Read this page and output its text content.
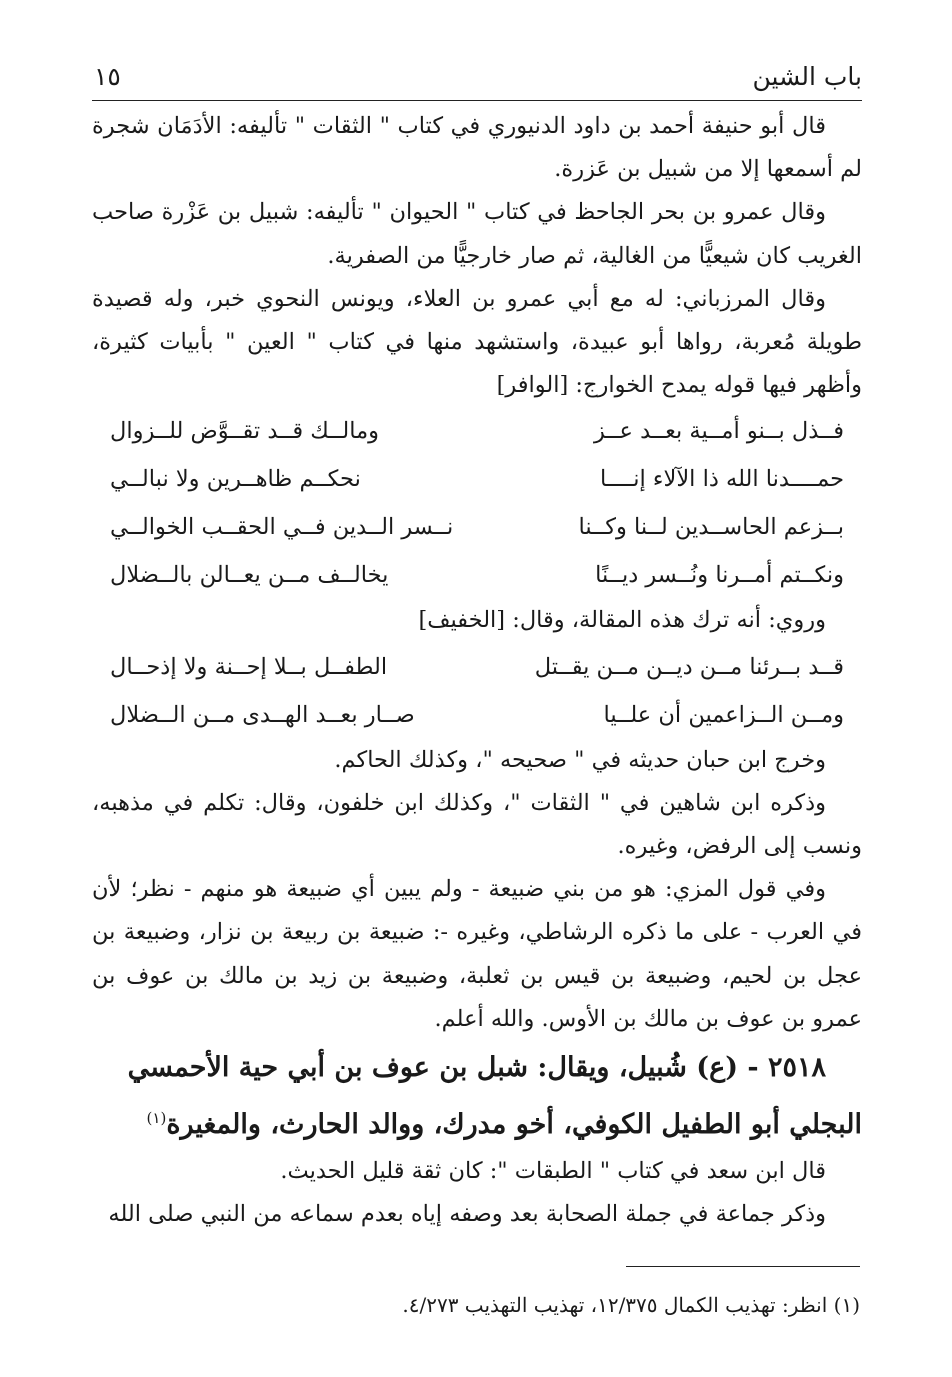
باب الشين
١٥

قال أبو حنيفة أحمد بن داود الدنيوري في كتاب " الثقات " تأليفه: الأدَمَان شجرة لم أسمعها إلا من شبيل بن عَزرة.

وقال عمرو بن بحر الجاحظ في كتاب " الحيوان " تأليفه: شبيل بن عَزْرة صاحب الغريب كان شيعيًّا من الغالية، ثم صار خارجيًّا من الصفرية.

وقال المرزباني: له مع أبي عمرو بن العلاء، ويونس النحوي خبر، وله قصيدة طويلة مُعربة، رواها أبو عبيدة، واستشهد منها في كتاب " العين " بأبيات كثيرة، وأظهر فيها قوله يمدح الخوارج: [الوافر]

فــذل بــنو أمــية بعــد عــز
ومالــك قــد تقــوَّض للــزوال
حمــــدنا الله ذا الآلاء إنــــا
نحكــم ظاهــرين ولا نبالــي
بــزعم الحاســدين لــنا وكــنا
نــسر الــدين فــي الحقــب الخوالــي
ونكــتم أمــرنا ونُــسر ديــنًا
يخالــف مــن يعــالن بالــضلال

وروي: أنه ترك هذه المقالة، وقال: [الخفيف]

قــد بــرئنا مــن ديــن مــن يقــتل
الطفــل بــلا إحــنة ولا إذحــال
ومــن الــزاعمين أن علــيا
صــار بعــد الهــدى مــن الــضلال

وخرج ابن حبان حديثه في " صحيحه "، وكذلك الحاكم.

وذكره ابن شاهين في " الثقات "، وكذلك ابن خلفون، وقال: تكلم في مذهبه، ونسب إلى الرفض، وغيره.

وفي قول المزي: هو من بني ضبيعة - ولم يبين أي ضبيعة هو منهم - نظر؛ لأن في العرب - على ما ذكره الرشاطي، وغيره -: ضبيعة بن ربيعة بن نزار، وضبيعة بن عجل بن لحيم، وضبيعة بن قيس بن ثعلبة، وضبيعة بن زيد بن مالك بن عوف بن عمرو بن عوف بن مالك بن الأوس. والله أعلم.

٢٥١٨ - (ع) شُبيل، ويقال: شبل بن عوف بن أبي حية الأحمسي البجلي أبو الطفيل الكوفي، أخو مدرك، ووالد الحارث، والمغيرة$^{(١)}$

قال ابن سعد في كتاب " الطبقات ": كان ثقة قليل الحديث.

وذكر جماعة في جملة الصحابة بعد وصفه إياه بعدم سماعه من النبي صلى الله

(١) انظر: تهذيب الكمال ١٢/٣٧٥، تهذيب التهذيب ٤/٢٧٣.
